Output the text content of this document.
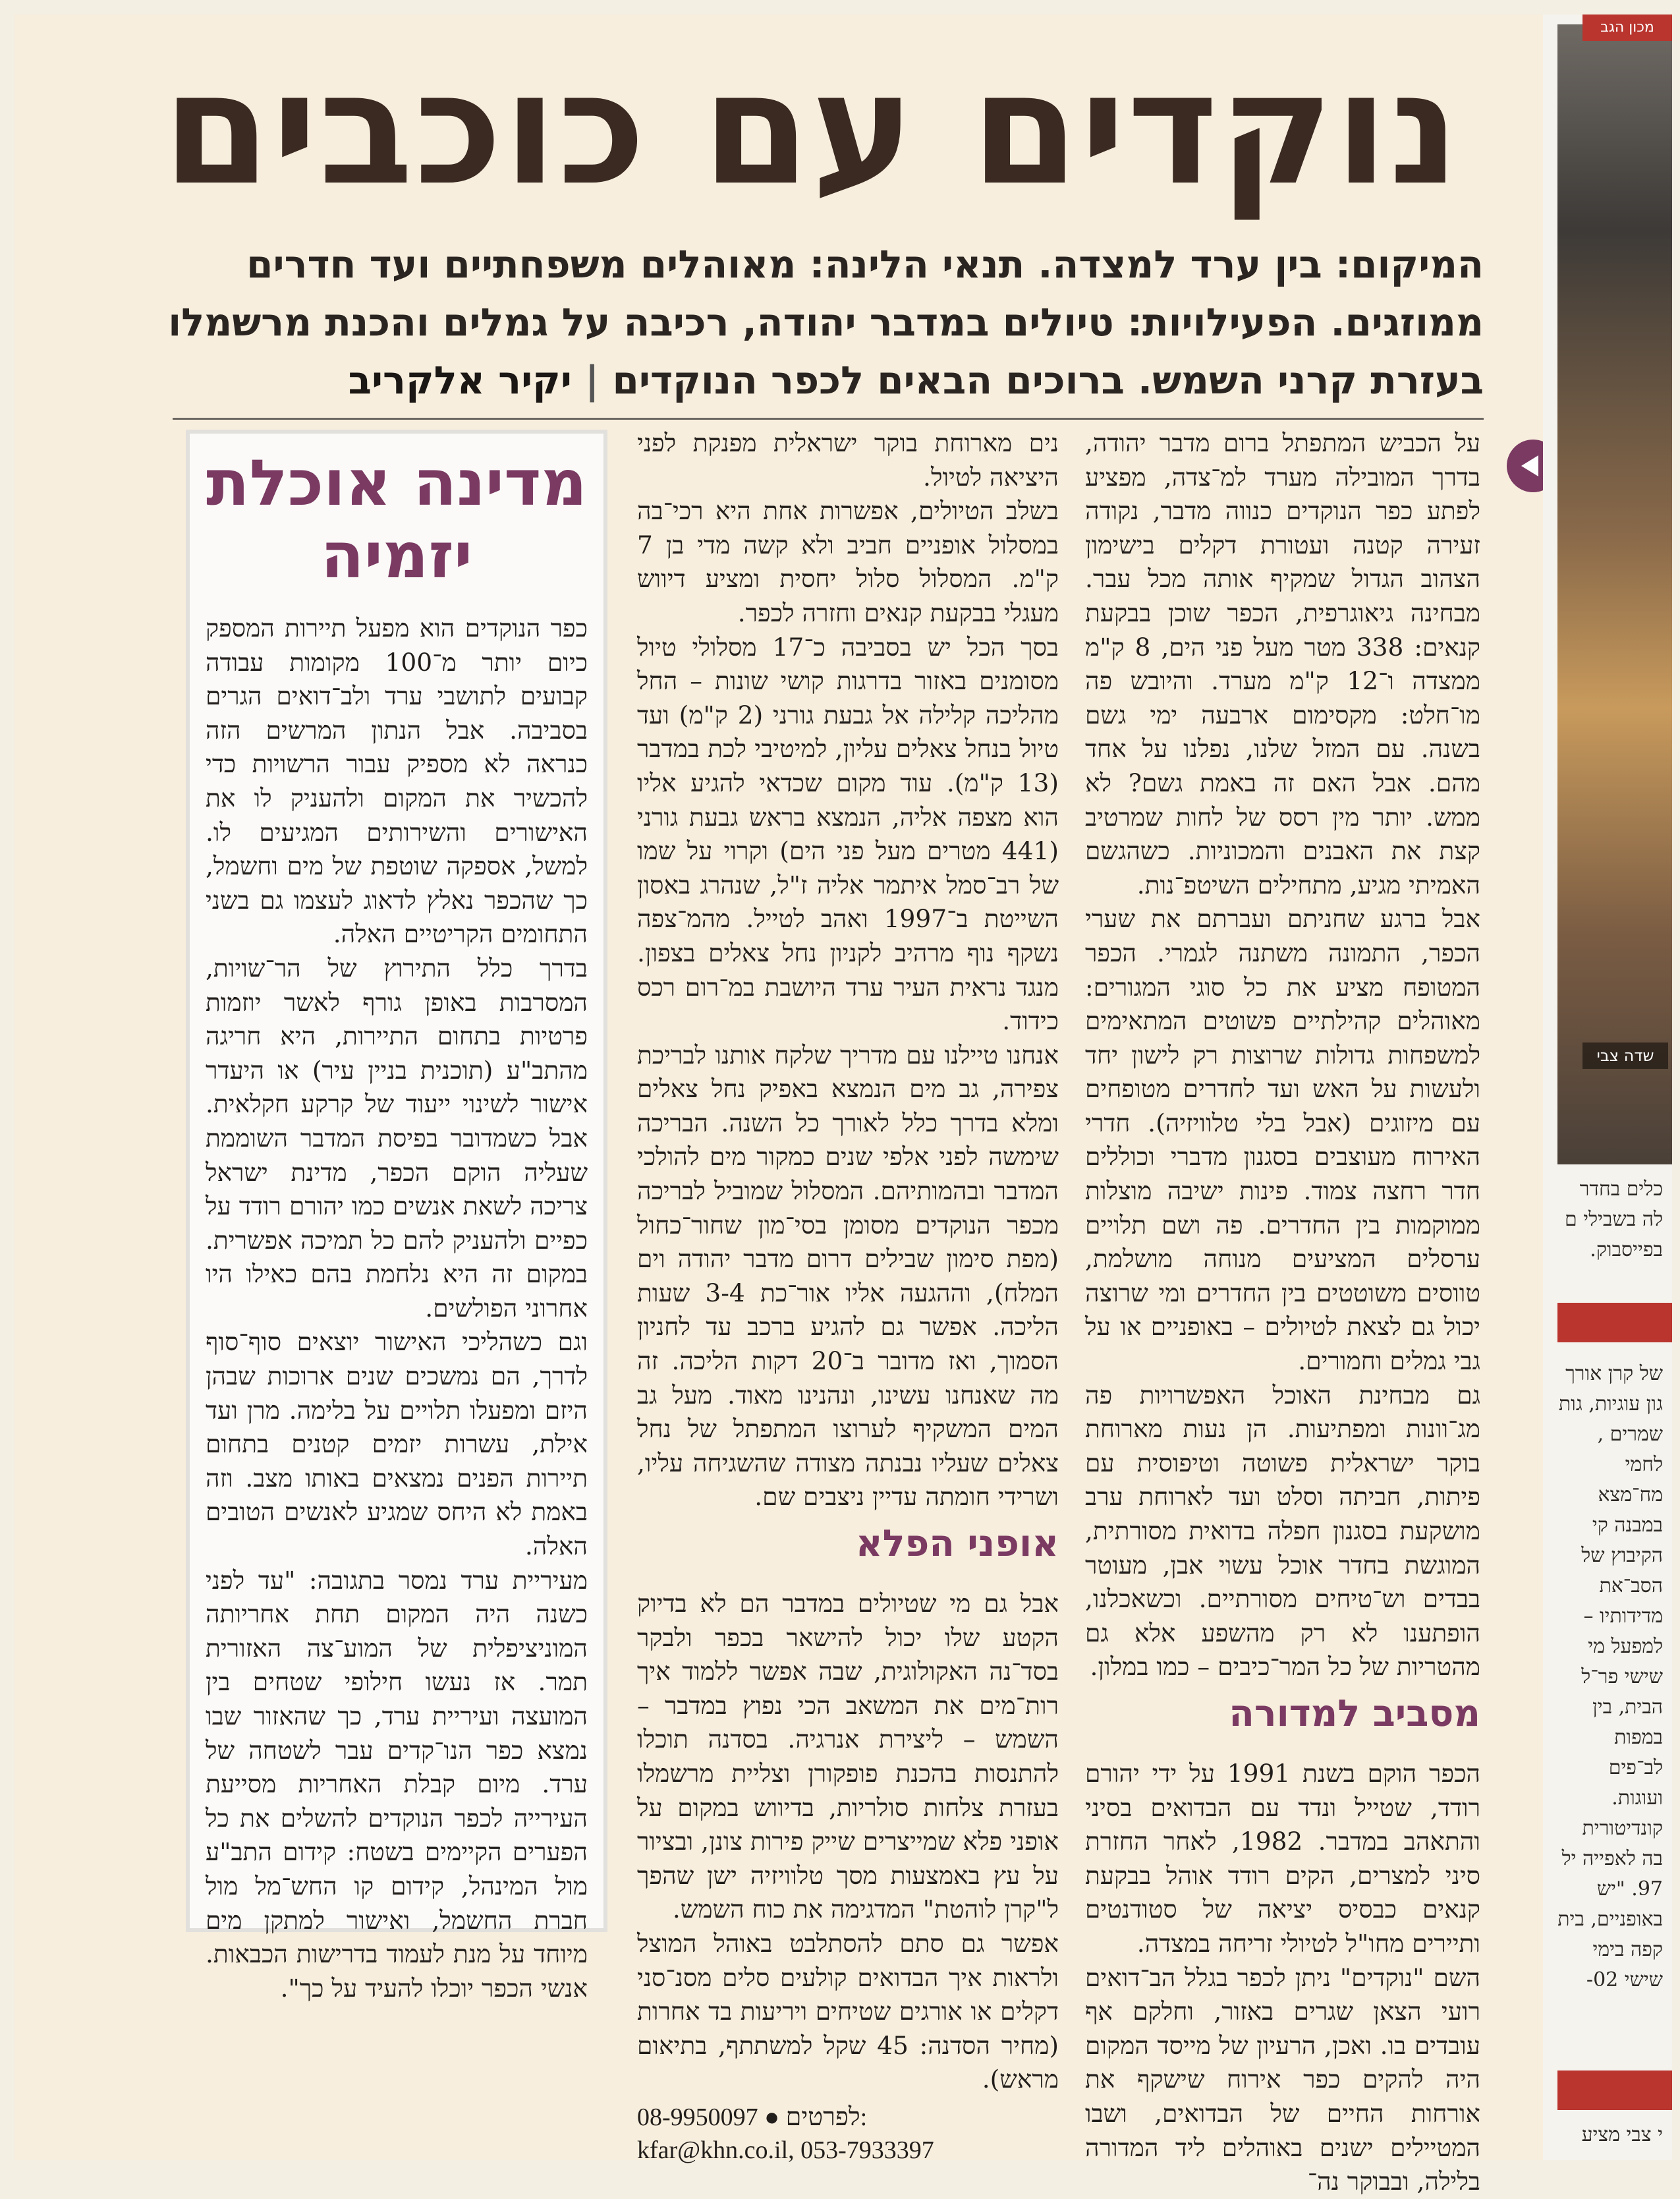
נוקדים עם כוכבים
המיקום: בין ערד למצדה. תנאי הלינה: מאוהלים משפחתיים ועד חדרים ממוזגים. הפעילויות: טיולים במדבר יהודה, רכיבה על גמלים והכנת מרשמלו בעזרת קרני השמש. ברוכים הבאים לכפר הנוקדים | יקיר אלקריב

על הכביש המתפתל ברום מדבר יהודה, בדרך המובילה מערד למ־צדה, מפציע לפתע כפר הנוקדים כנווה מדבר, נקודה זעירה קטנה ועטורת דקלים בישימון הצהוב הגדול שמקיף אותה מכל עבר. מבחינה גיאוגרפית, הכפר שוכן בבקעת קנאים: 338 מטר מעל פני הים, 8 ק"מ ממצדה ו־12 ק"מ מערד. והיובש פה מו־חלט: מקסימום ארבעה ימי גשם בשנה. עם המזל שלנו, נפלנו על אחד מהם. אבל האם זה באמת גשם? לא ממש. יותר מין רסס של לחות שמרטיב קצת את האבנים והמכוניות. כשהגשם האמיתי מגיע, מתחילים השיטפ־נות.

אבל ברגע שחניתם ועברתם את שערי הכפר, התמונה משתנה לגמרי. הכפר המטופח מציע את כל סוגי המגורים: מאוהלים קהילתיים פשוטים המתאימים למשפחות גדולות שרוצות רק לישון יחד ולעשות על האש ועד לחדרים מטופחים עם מיזוגים (אבל בלי טלוויזיה). חדרי האירוח מעוצבים בסגנון מדברי וכוללים חדר רחצה צמוד. פינות ישיבה מוצלות ממוקמות בין החדרים. פה ושם תלויים ערסלים המציעים מנוחה מושלמת, טווסים משוטטים בין החדרים ומי שרוצה יכול גם לצאת לטיולים – באופניים או על גבי גמלים וחמורים.

גם מבחינת האוכל האפשרויות פה מג־וונות ומפתיעות. הן נעות מארוחת בוקר ישראלית פשוטה וטיפוסית עם פיתות, חביתה וסלט ועד לארוחת ערב מושקעת בסגנון חפלה בדואית מסורתית, המוגשת בחדר אוכל עשוי אבן, מעוטר בבדים וש־טיחים מסורתיים. וכשאכלנו, הופתענו לא רק מהשפע אלא גם מהטריות של כל המר־כיבים – כמו במלון.

מסביב למדורה

הכפר הוקם בשנת 1991 על ידי יהורם רודד, שטייל ונדד עם הבדואים בסיני והתאהב במדבר. 1982, לאחר החזרת סיני למצרים, הקים רודד אוהל בבקעת קנאים כבסיס יציאה של סטודנטים ותיירים מחו"ל לטיולי זריחה במצדה.

השם "נוקדים" ניתן לכפר בגלל הב־דואים רועי הצאן שגרים באזור, וחלקם אף עובדים בו. ואכן, הרעיון של מייסד המקום היה להקים כפר אירוח שישקף את אורחות החיים של הבדואים, ושבו המטיילים ישנים באוהלים ליד המדורה בלילה, ובבוקר נה־

נים מארוחת בוקר ישראלית מפנקת לפני היציאה לטיול.

בשלב הטיולים, אפשרות אחת היא רכי־בה במסלול אופניים חביב ולא קשה מדי בן 7 ק"מ. המסלול סלול יחסית ומציע דיווש מעגלי בבקעת קנאים וחזרה לכפר.

בסך הכל יש בסביבה כ־17 מסלולי טיול מסומנים באזור בדרגות קושי שונות – החל מהליכה קלילה אל גבעת גורני (2 ק"מ) ועד טיול בנחל צאלים עליון, למיטיבי לכת במדבר (13 ק"מ). עוד מקום שכדאי להגיע אליו הוא מצפה אליה, הנמצא בראש גבעת גורני (441 מטרים מעל פני הים) וקרוי על שמו של רב־סמל איתמר אליה ז"ל, שנהרג באסון השייטת ב־1997 ואהב לטייל. מהמ־צפה נשקף נוף מרהיב לקניון נחל צאלים בצפון. מנגד נראית העיר ערד היושבת במ־רום רכס כידוד.

אנחנו טיילנו עם מדריך שלקח אותנו לבריכת צפירה, גב מים הנמצא באפיק נחל צאלים ומלא בדרך כלל לאורך כל השנה. הבריכה שימשה לפני אלפי שנים כמקור מים להולכי המדבר ובהמותיהם. המסלול שמוביל לבריכה מכפר הנוקדים מסומן בסי־מון שחור־כחול (מפת סימון שבילים דרום מדבר יהודה וים המלח), וההגעה אליו אור־כת 3-4 שעות הליכה. אפשר גם להגיע ברכב עד לחניון הסמוך, ואז מדובר ב־20 דקות הליכה. זה מה שאנחנו עשינו, ונהנינו מאוד. מעל גב המים המשקיף לערוצו המתפתל של נחל צאלים שעליו נבנתה מצודה שהשגיחה עליו, ושרידי חומתה עדיין ניצבים שם.

אופני הפלא

אבל גם מי שטיולים במדבר הם לא בדיוק הקטע שלו יכול להישאר בכפר ולבקר בסד־נה האקולוגית, שבה אפשר ללמוד איך רות־מים את המשאב הכי נפוץ במדבר – השמש – ליצירת אנרגיה. בסדנה תוכלו להתנסות בהכנת פופקורן וצליית מרשמלו בעזרת צלחות סולריות, בדיווש במקום על אופני פלא שמייצרים שייק פירות צונן, ובציור על עץ באמצעות מסך טלוויזיה ישן שהפך ל"קרן לוהטת" המדגימה את כוח השמש.

אפשר גם סתם להסתלבט באוהל המוצל ולראות איך הבדואים קולעים סלים מסנ־סני דקלים או אורגים שטיחים ויריעות בד אחרות (מחיר הסדנה: 45 שקל למשתתף, בתיאום מראש).

08-9950097 ● לפרטים:
kfar@khn.co.il, 053-7933397
מדינה אוכלת יזמיה

כפר הנוקדים הוא מפעל תיירות המספק כיום יותר מ־100 מקומות עבודה קבועים לתושבי ערד ולב־דואים הגרים בסביבה. אבל הנתון המרשים הזה כנראה לא מספיק עבור הרשויות כדי להכשיר את המקום ולהעניק לו את האישורים והשירותים המגיעים לו. למשל, אספקה שוטפת של מים וחשמל, כך שהכפר נאלץ לדאוג לעצמו גם בשני התחומים הקריטיים האלה.

בדרך כלל התירוץ של הר־שויות, המסרבות באופן גורף לאשר יוזמות פרטיות בתחום התיירות, היא חריגה מהתב"ע (תוכנית בניין עיר) או היעדר אישור לשינוי ייעוד של קרקע חקלאית. אבל כשמדובר בפיסת המדבר השוממת שעליה הוקם הכפר, מדינת ישראל צריכה לשאת אנשים כמו יהורם רודד על כפיים ולהעניק להם כל תמיכה אפשרית. במקום זה היא נלחמת בהם כאילו היו אחרוני הפולשים.

וגם כשהליכי האישור יוצאים סוף־סוף לדרך, הם נמשכים שנים ארוכות שבהן היזם ומפעלו תלויים על בלימה. מרן ועד אילת, עשרות יזמים קטנים בתחום תיירות הפנים נמצאים באותו מצב. וזה באמת לא היחס שמגיע לאנשים הטובים האלה.

מעיריית ערד נמסר בתגובה: "עד לפני כשנה היה המקום תחת אחריותה המוניציפלית של המוע־צה האזורית תמר. אז נעשו חילופי שטחים בין המועצה ועיריית ערד, כך שהאזור שבו נמצא כפר הנו־קדים עבר לשטחה של ערד. מיום קבלת האחריות מסייעת העירייה לכפר הנוקדים להשלים את כל הפערים הקיימים בשטח: קידום התב"ע מול המינהל, קידום קו החש־מל מול חברת החשמל, ואישור למתקן מים מיוחד על מנת לעמוד בדרישות הכבאות. אנשי הכפר יוכלו להעיד על כך".

מכון הגב
שדה צבי
כלים בחדר לה בשבילי ם בפייסבוק.
של קרן אורך גון עוגיות, גות שמרים , לחמי מח־מצא במבנה קי הקיבוץ של הסב־את מדידותיו – למפעל מי שישי פר־ל הבית, בין במפות לב־פים ועוגות. קונדיטורית בה לאפייה יל 97. "יש באופניים, בית קפה בימי שישי 02-
י צבי מציע
